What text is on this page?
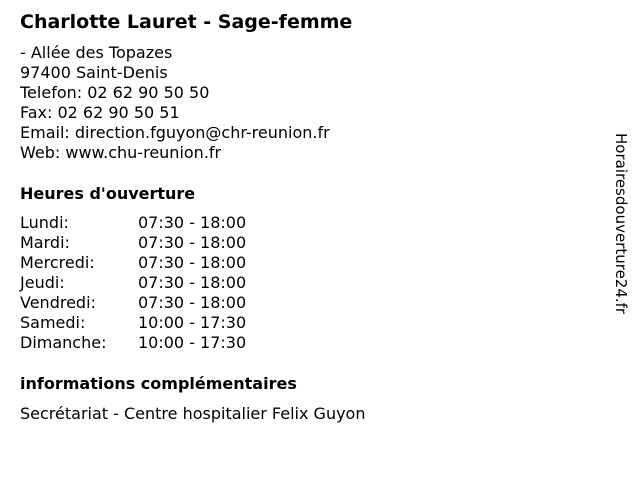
Charlotte Lauret - Sage-femme
- Allée des Topazes
97400 Saint-Denis
Telefon: 02 62 90 50 50
Fax: 02 62 90 50 51
Email: direction.fguyon@chr-reunion.fr
Web: www.chu-reunion.fr
Heures d'ouverture
Lundi:	07:30 - 18:00
Mardi:	07:30 - 18:00
Mercredi:	07:30 - 18:00
Jeudi:	07:30 - 18:00
Vendredi:	07:30 - 18:00
Samedi:	10:00 - 17:30
Dimanche: 10:00 - 17:30
informations complémentaires
Secrétariat - Centre hospitalier Felix Guyon
Horairesdouverture24.fr
